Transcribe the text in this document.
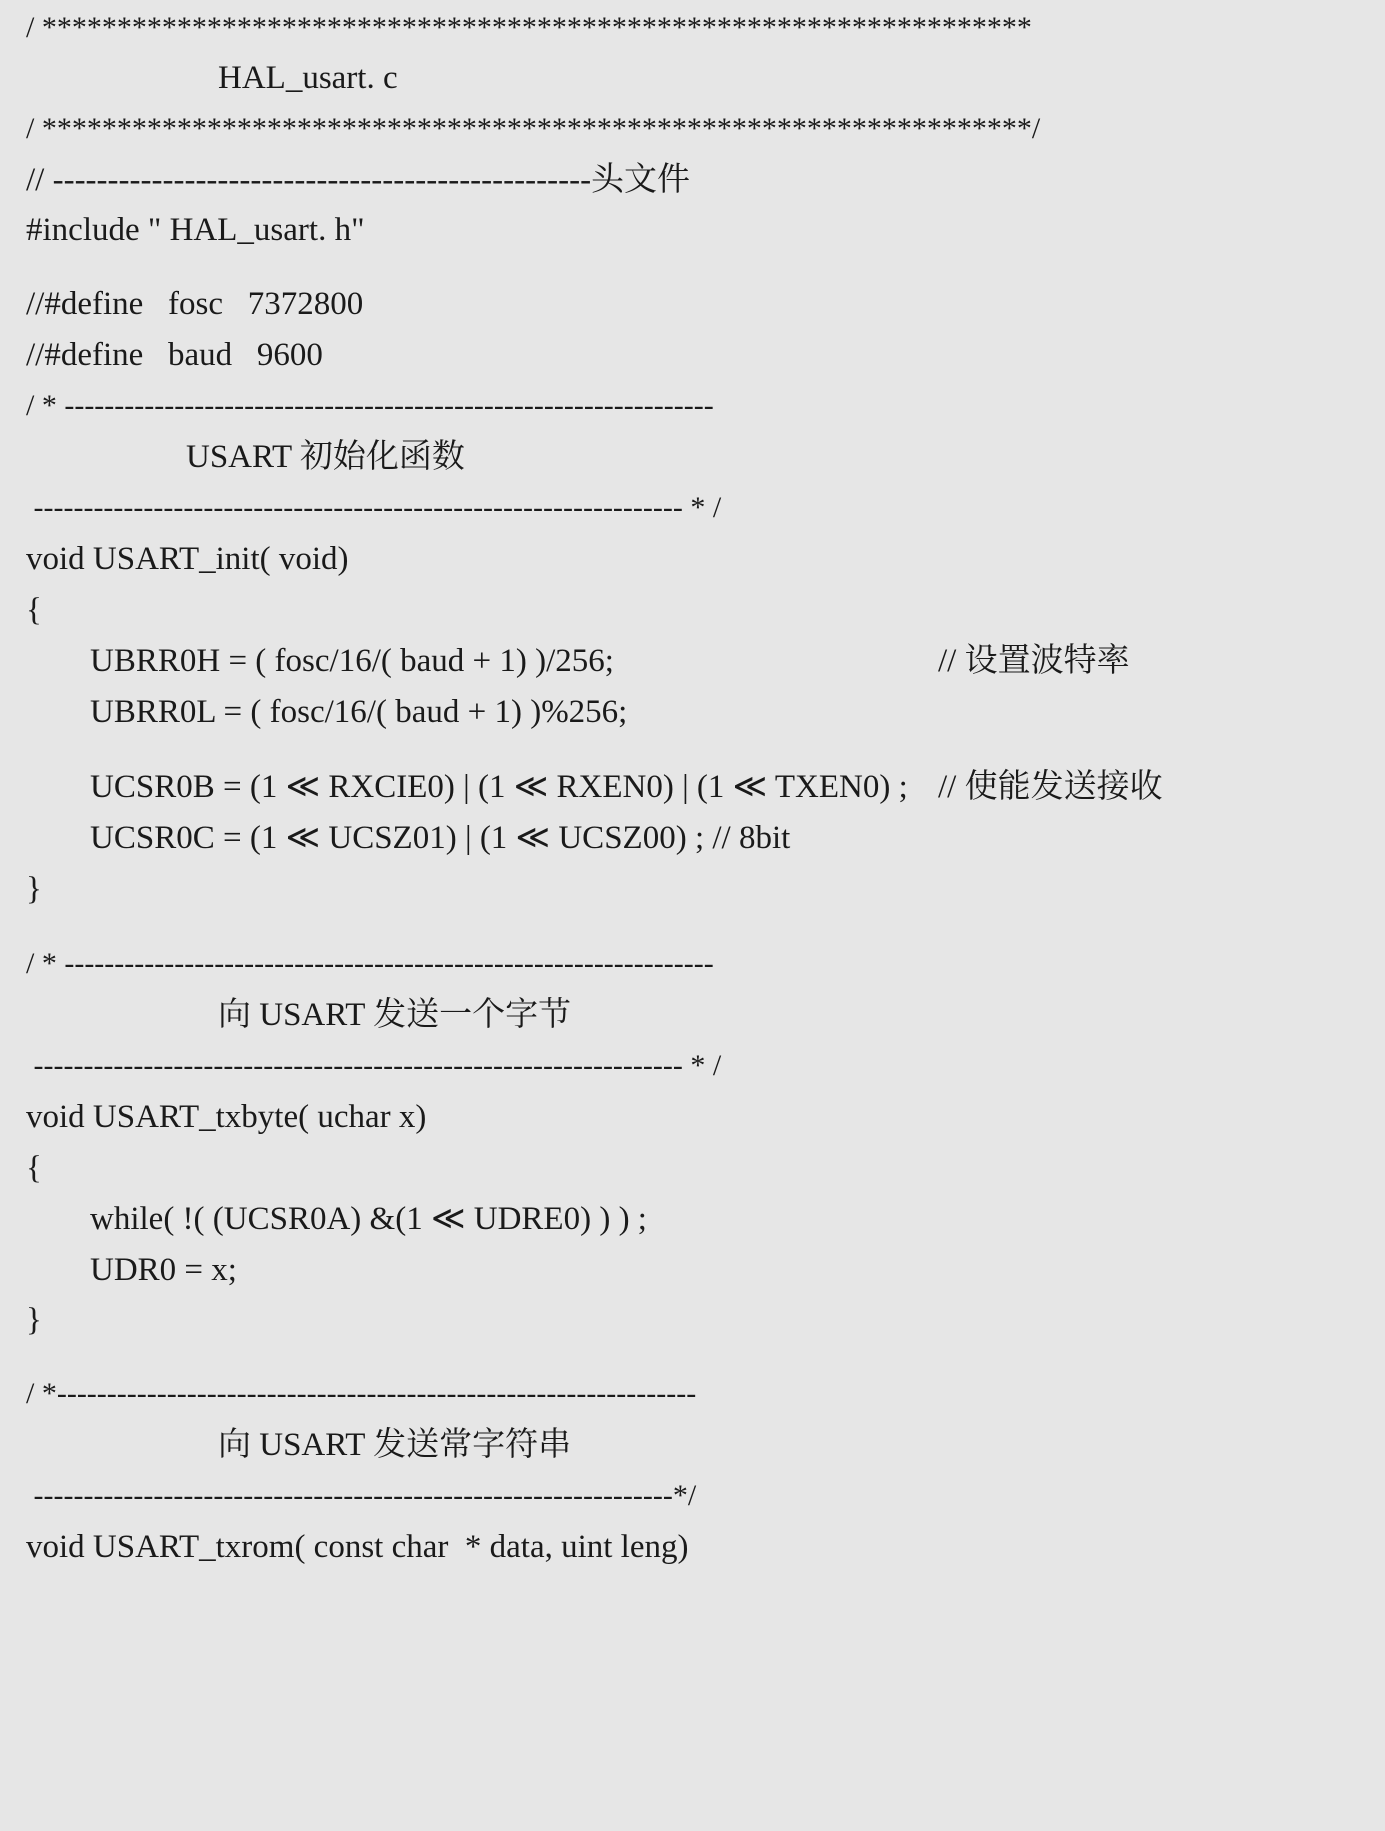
/ ******************************************************************
HAL_usart. c
/ ******************************************************************/
// -------------------------------------------------头文件
#include " HAL_usart. h"
//#define   fosc   7372800
//#define   baud   9600
/ * -----------------------------------------------------------------
USART 初始化函数
----------------------------------------------------------------- * /
void USART_init( void)
{
UBRR0H = ( fosc/16/( baud + 1) )/256;	// 设置波特率
UBRR0L = ( fosc/16/( baud + 1) )%256;
UCSR0B = (1 ≪ RXCIE0) | (1 ≪ RXEN0) | (1 ≪ TXEN0) ; // 使能发送接收
UCSR0C = (1 ≪ UCSZ01) | (1 ≪ UCSZ00) ; // 8bit
}
/ * -----------------------------------------------------------------
向 USART 发送一个字节
----------------------------------------------------------------- * /
void USART_txbyte( uchar x)
{
while( !( (UCSR0A) &(1 ≪ UDRE0) ) ) ;
UDR0 = x;
}
/ *----------------------------------------------------------------
向 USART 发送常字符串
----------------------------------------------------------------*/
void USART_txrom( const char  * data, uint leng)
